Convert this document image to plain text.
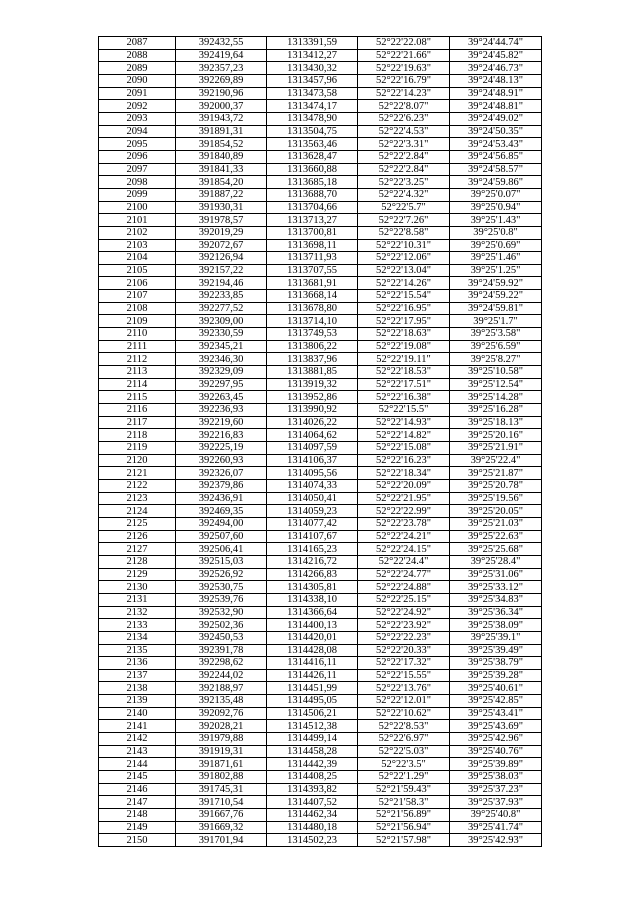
2087	392432,55	1313391,59	52°22'22.08"	39°24'44.74"
2088	392419,64	1313412,27	52°22'21.66"	39°24'45.82"
2089	392357,23	1313430,32	52°22'19.63"	39°24'46.73"
2090	392269,89	1313457,96	52°22'16.79"	39°24'48.13"
2091	392190,96	1313473,58	52°22'14.23"	39°24'48.91"
2092	392000,37	1313474,17	52°22'8.07"	39°24'48.81"
2093	391943,72	1313478,90	52°22'6.23"	39°24'49.02"
2094	391891,31	1313504,75	52°22'4.53"	39°24'50.35"
2095	391854,52	1313563,46	52°22'3.31"	39°24'53.43"
2096	391840,89	1313628,47	52°22'2.84"	39°24'56.85"
2097	391841,33	1313660,88	52°22'2.84"	39°24'58.57"
2098	391854,20	1313685,18	52°22'3.25"	39°24'59.86"
2099	391887,22	1313688,70	52°22'4.32"	39°25'0.07"
2100	391930,31	1313704,66	52°22'5.7"	39°25'0.94"
2101	391978,57	1313713,27	52°22'7.26"	39°25'1.43"
2102	392019,29	1313700,81	52°22'8.58"	39°25'0.8"
2103	392072,67	1313698,11	52°22'10.31"	39°25'0.69"
2104	392126,94	1313711,93	52°22'12.06"	39°25'1.46"
2105	392157,22	1313707,55	52°22'13.04"	39°25'1.25"
2106	392194,46	1313681,91	52°22'14.26"	39°24'59.92"
2107	392233,85	1313668,14	52°22'15.54"	39°24'59.22"
2108	392277,52	1313678,80	52°22'16.95"	39°24'59.81"
2109	392309,00	1313714,10	52°22'17.95"	39°25'1.7"
2110	392330,59	1313749,53	52°22'18.63"	39°25'3.58"
2111	392345,21	1313806,22	52°22'19.08"	39°25'6.59"
2112	392346,30	1313837,96	52°22'19.11"	39°25'8.27"
2113	392329,09	1313881,85	52°22'18.53"	39°25'10.58"
2114	392297,95	1313919,32	52°22'17.51"	39°25'12.54"
2115	392263,45	1313952,86	52°22'16.38"	39°25'14.28"
2116	392236,93	1313990,92	52°22'15.5"	39°25'16.28"
2117	392219,60	1314026,22	52°22'14.93"	39°25'18.13"
2118	392216,83	1314064,62	52°22'14.82"	39°25'20.16"
2119	392225,19	1314097,59	52°22'15.08"	39°25'21.91"
2120	392260,93	1314106,37	52°22'16.23"	39°25'22.4"
2121	392326,07	1314095,56	52°22'18.34"	39°25'21.87"
2122	392379,86	1314074,33	52°22'20.09"	39°25'20.78"
2123	392436,91	1314050,41	52°22'21.95"	39°25'19.56"
2124	392469,35	1314059,23	52°22'22.99"	39°25'20.05"
2125	392494,00	1314077,42	52°22'23.78"	39°25'21.03"
2126	392507,60	1314107,67	52°22'24.21"	39°25'22.63"
2127	392506,41	1314165,23	52°22'24.15"	39°25'25.68"
2128	392515,03	1314216,72	52°22'24.4"	39°25'28.4"
2129	392526,92	1314266,83	52°22'24.77"	39°25'31.06"
2130	392530,75	1314305,81	52°22'24.88"	39°25'33.12"
2131	392539,76	1314338,10	52°22'25.15"	39°25'34.83"
2132	392532,90	1314366,64	52°22'24.92"	39°25'36.34"
2133	392502,36	1314400,13	52°22'23.92"	39°25'38.09"
2134	392450,53	1314420,01	52°22'22.23"	39°25'39.1"
2135	392391,78	1314428,08	52°22'20.33"	39°25'39.49"
2136	392298,62	1314416,11	52°22'17.32"	39°25'38.79"
2137	392244,02	1314426,11	52°22'15.55"	39°25'39.28"
2138	392188,97	1314451,99	52°22'13.76"	39°25'40.61"
2139	392135,48	1314495,05	52°22'12.01"	39°25'42.85"
2140	392092,76	1314506,21	52°22'10.62"	39°25'43.41"
2141	392028,21	1314512,38	52°22'8.53"	39°25'43.69"
2142	391979,88	1314499,14	52°22'6.97"	39°25'42.96"
2143	391919,31	1314458,28	52°22'5.03"	39°25'40.76"
2144	391871,61	1314442,39	52°22'3.5"	39°25'39.89"
2145	391802,88	1314408,25	52°22'1.29"	39°25'38.03"
2146	391745,31	1314393,82	52°21'59.43"	39°25'37.23"
2147	391710,54	1314407,52	52°21'58.3"	39°25'37.93"
2148	391667,76	1314462,34	52°21'56.89"	39°25'40.8"
2149	391669,32	1314480,18	52°21'56.94"	39°25'41.74"
2150	391701,94	1314502,23	52°21'57.98"	39°25'42.93"
